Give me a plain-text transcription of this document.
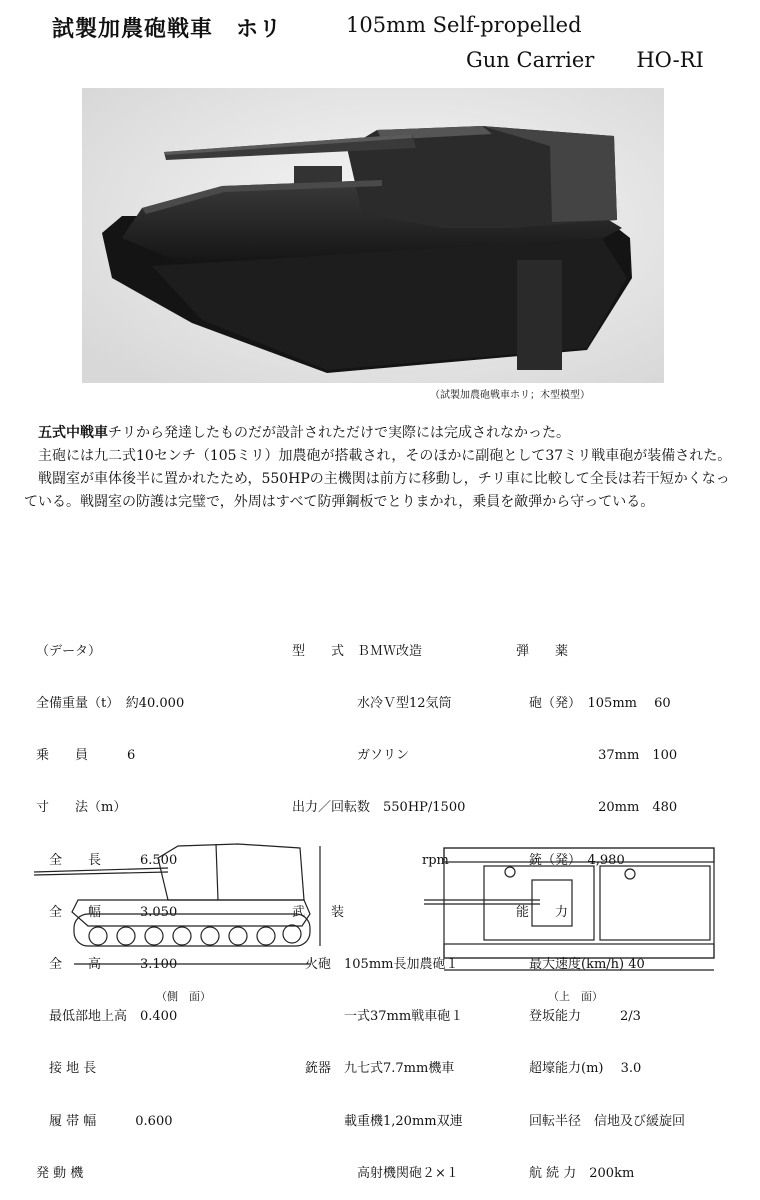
試製加農砲戦車　ホリ	105mm Self-propelled
Gun Carrier　　HO-RI
（試製加農砲戦車ホリ；木型模型）

五式中戦車チリから発達したものだが設計されただけで実際には完成されなかった。

主砲には九二式10センチ（105ミリ）加農砲が搭載され，そのほかに副砲として37ミリ戦車砲が装備された。

戦闘室が車体後半に置かれたため，550HPの主機関は前方に移動し，チリ車に比較して全長は若干短かくなっている。戦闘室の防護は完璧で，外周はすべて防弾鋼板でとりまかれ，乗員を敵弾から守っている。

（データ）

全備重量（t）　約40.000

乗　　員　　　6

寸　　法（m）

　全　　長　　　6.500

　全　　幅　　　3.050

　全　　高　　　3.100

　最低部地上高　0.400

　接 地 長

　履 帯 幅　　　0.600

発 動 機

型　　式　ＢＭＷ改造

　　　　　水冷Ｖ型12気筒

　　　　　ガソリン

出力／回転数　550HP/1500

　　　　　　　　　　rpm

武　　装

　火砲　105mm長加農砲１

　　　　一式37mm戦車砲１

　銃器　九七式7.7mm機車

　　　　載重機1,20mm双連

　　　　　高射機関砲２×１

弾　　薬

　砲（発）　105mm　 60

　　　　　　 37mm　100

　　　　　　 20mm　480

　銃（発）　4,980

能　　力

　最大速度(km/h) 40

　登坂能力　　　2/3

　超壕能力(m)　 3.0

　回転半径　信地及び緩旋回

　航 続 力　200km

（側　面）	（上　面）
